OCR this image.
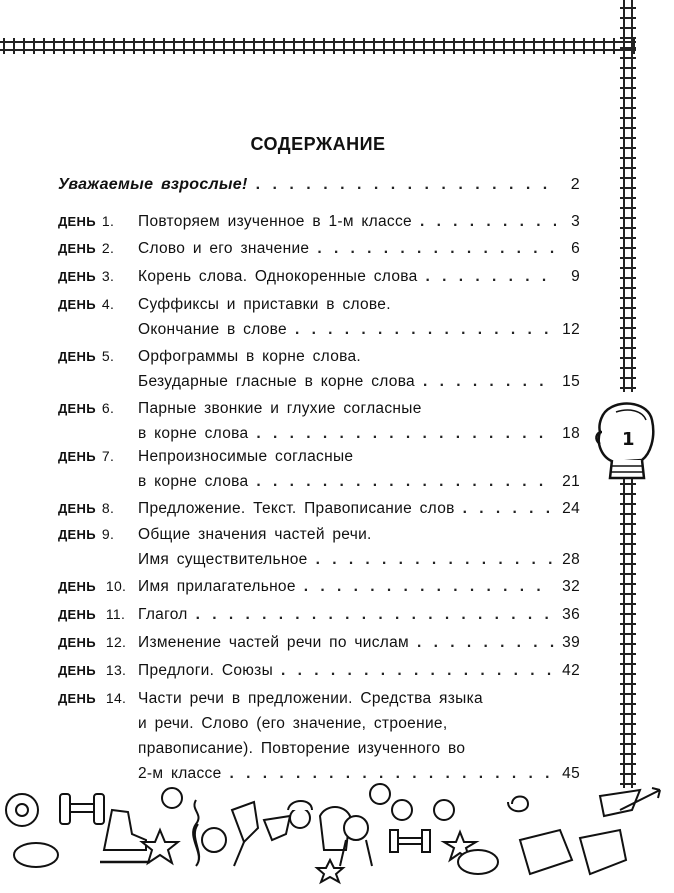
СОДЕРЖАНИЕ
Уважаемые взрослые! . . .	2
ДЕНЬ 1. Повторяем изученное в 1-м классе . . .	3
ДЕНЬ 2. Слово и его значение . . .	6
ДЕНЬ 3. Корень слова. Однокоренные слова . . .	9
ДЕНЬ 4. Суффиксы и приставки в слове.
Окончание в слове . . .	12
ДЕНЬ 5. Орфограммы в корне слова.
Безударные гласные в корне слова . . .	15
ДЕНЬ 6. Парные звонкие и глухие согласные
в корне слова . . .	18
ДЕНЬ 7. Непроизносимые согласные
в корне слова . . .	21
ДЕНЬ 8. Предложение. Текст. Правописание слов . . .	24
ДЕНЬ 9. Общие значения частей речи.
Имя существительное . . .	28
ДЕНЬ 10. Имя прилагательное . . .	32
ДЕНЬ 11. Глагол . . .	36
ДЕНЬ 12. Изменение частей речи по числам . . .	39
ДЕНЬ 13. Предлоги. Союзы . . .	42
ДЕНЬ 14. Части речи в предложении. Средства языка
и речи. Слово (его значение, строение,
правописание). Повторение изученного во
2-м классе . . .	45
1
